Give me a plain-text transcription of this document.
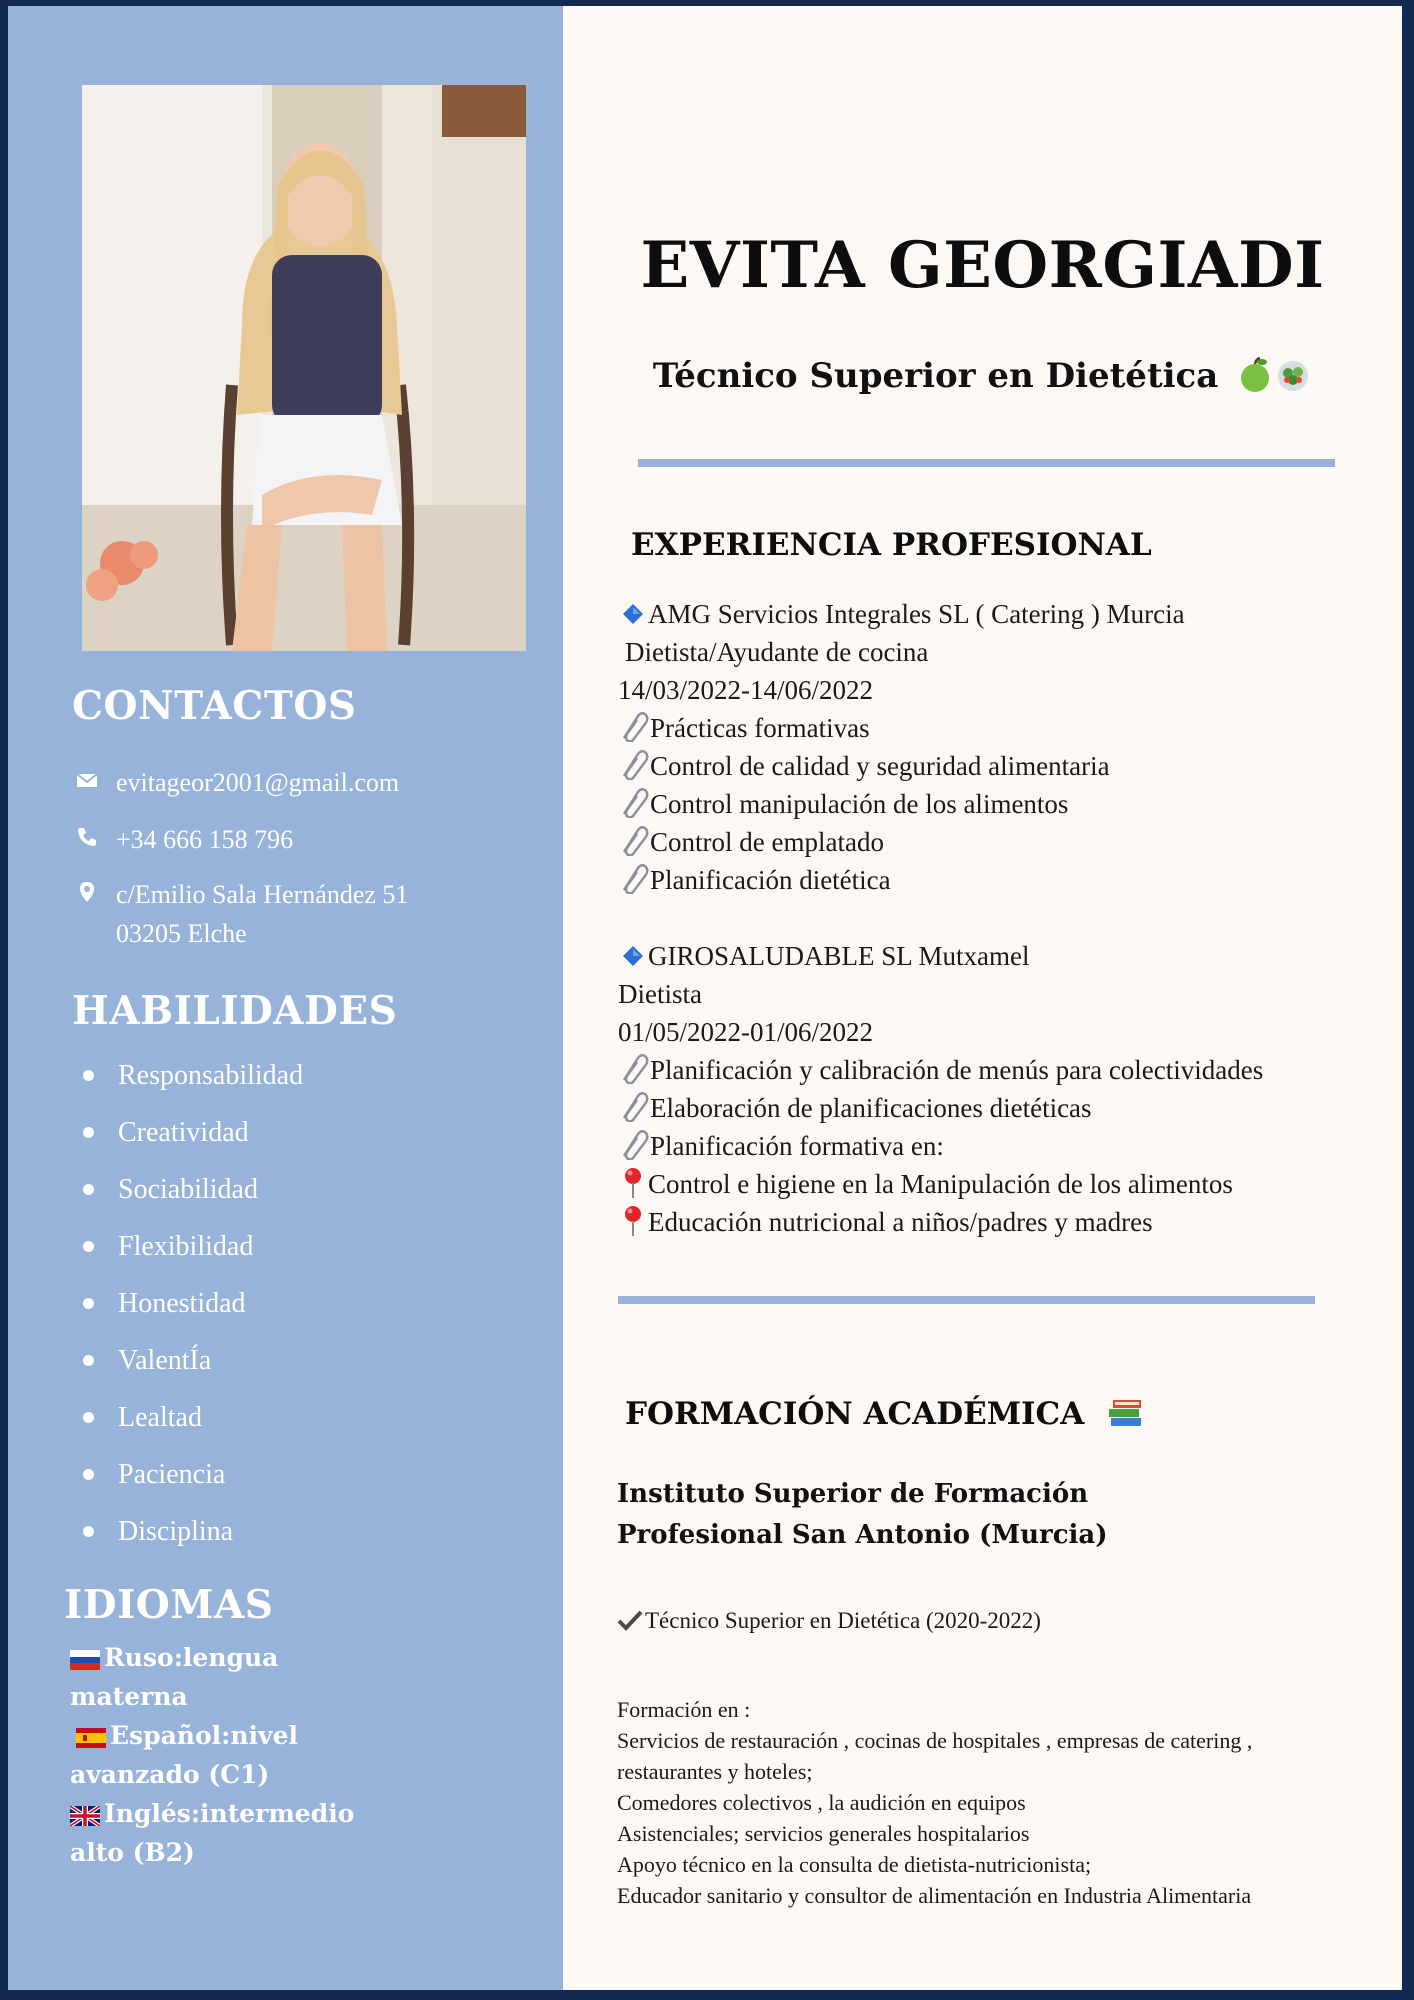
CONTACTOS
evitageor2001@gmail.com
+34 666 158 796
c/Emilio Sala Hernández 51
03205 Elche
HABILIDADES
Responsabilidad
Creatividad
Sociabilidad
Flexibilidad
Honestidad
ValentÍa
Lealtad
Paciencia
Disciplina
IDIOMAS
Ruso:lengua
materna
Español:nivel
avanzado (C1)
Inglés:intermedio
alto (B2)
EVITA GEORGIADI
Técnico Superior en Dietética
EXPERIENCIA PROFESIONAL
AMG Servicios Integrales SL ( Catering ) Murcia
Dietista/Ayudante de cocina
14/03/2022-14/06/2022
Prácticas formativas
Control de calidad y seguridad alimentaria
Control manipulación de los alimentos
Control de emplatado
Planificación dietética
GIROSALUDABLE SL Mutxamel
Dietista
01/05/2022-01/06/2022
Planificación y calibración de menús para colectividades
Elaboración de planificaciones dietéticas
Planificación formativa en:
Control e higiene en la Manipulación de los alimentos
Educación nutricional a niños/padres y madres
FORMACIÓN ACADÉMICA
Instituto Superior de Formación
Profesional San Antonio (Murcia)
Técnico Superior en Dietética (2020-2022)
Formación en :
Servicios de restauración , cocinas de hospitales , empresas de catering ,
restaurantes y hoteles;
Comedores colectivos , la audición en equipos
Asistenciales; servicios generales hospitalarios
Apoyo técnico en la consulta de dietista-nutricionista;
Educador sanitario y consultor de alimentación en Industria Alimentaria
